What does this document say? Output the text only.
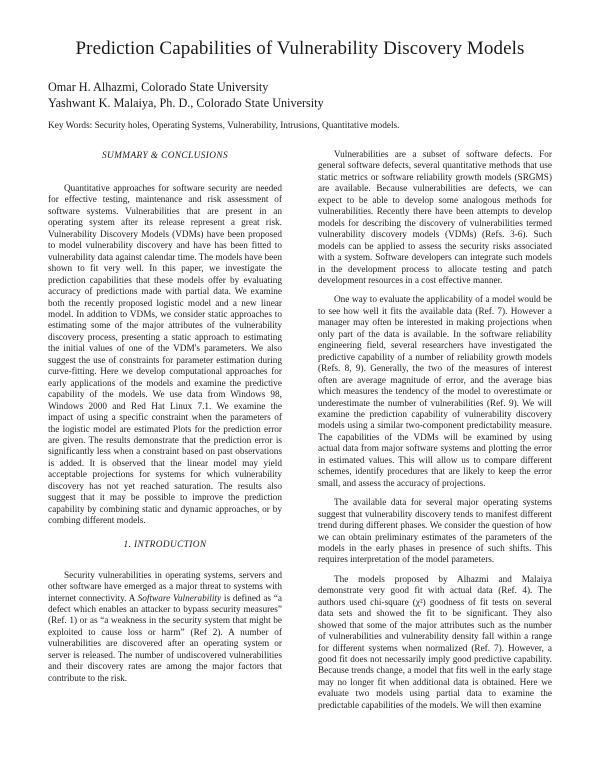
Prediction Capabilities of Vulnerability Discovery Models
Omar H. Alhazmi, Colorado State University
Yashwant K. Malaiya, Ph. D., Colorado State University
Key Words: Security holes, Operating Systems, Vulnerability, Intrusions, Quantitative models.
SUMMARY & CONCLUSIONS

Quantitative approaches for software security are needed for effective testing, maintenance and risk assessment of software systems. Vulnerabilities that are present in an operating system after its release represent a great risk. Vulnerability Discovery Models (VDMs) have been proposed to model vulnerability discovery and have has been fitted to vulnerability data against calendar time. The models have been shown to fit very well. In this paper, we investigate the prediction capabilities that these models offer by evaluating accuracy of predictions made with partial data. We examine both the recently proposed logistic model and a new linear model. In addition to VDMs, we consider static approaches to estimating some of the major attributes of the vulnerability discovery process, presenting a static approach to estimating the initial values of one of the VDM's parameters. We also suggest the use of constraints for parameter estimation during curve-fitting. Here we develop computational approaches for early applications of the models and examine the predictive capability of the models. We use data from Windows 98, Windows 2000 and Red Hat Linux 7.1. We examine the impact of using a specific constraint when the parameters of the logistic model are estimated Plots for the prediction error are given. The results demonstrate that the prediction error is significantly less when a constraint based on past observations is added. It is observed that the linear model may yield acceptable projections for systems for which vulnerability discovery has not yet reached saturation. The results also suggest that it may be possible to improve the prediction capability by combining static and dynamic approaches, or by combing different models.

1. INTRODUCTION

Security vulnerabilities in operating systems, servers and other software have emerged as a major threat to systems with internet connectivity. A Software Vulnerability is defined as “a defect which enables an attacker to bypass security measures” (Ref. 1) or as “a weakness in the security system that might be exploited to cause loss or harm” (Ref 2). A number of vulnerabilities are discovered after an operating system or server is released. The number of undiscovered vulnerabilities and their discovery rates are among the major factors that contribute to the risk.

Vulnerabilities are a subset of software defects. For general software defects, several quantitative methods that use static metrics or software reliability growth models (SRGMS) are available. Because vulnerabilities are defects, we can expect to be able to develop some analogous methods for vulnerabilities. Recently there have been attempts to develop models for describing the discovery of vulnerabilities termed vulnerability discovery models (VDMs) (Refs. 3-6). Such models can be applied to assess the security risks associated with a system. Software developers can integrate such models in the development process to allocate testing and patch development resources in a cost effective manner.

One way to evaluate the applicability of a model would be to see how well it fits the available data (Ref. 7). However a manager may often be interested in making projections when only part of the data is available. In the software reliability engineering field, several researchers have investigated the predictive capability of a number of reliability growth models (Refs. 8, 9). Generally, the two of the measures of interest often are average magnitude of error, and the average bias which measures the tendency of the model to overestimate or underestimate the number of vulnerabilities (Ref. 9). We will examine the prediction capability of vulnerability discovery models using a similar two-component predictability measure. The capabilities of the VDMs will be examined by using actual data from major software systems and plotting the error in estimated values. This will allow us to compare different schemes, identify procedures that are likely to keep the error small, and assess the accuracy of projections.

The available data for several major operating systems suggest that vulnerability discovery tends to manifest different trend during different phases. We consider the question of how we can obtain preliminary estimates of the parameters of the models in the early phases in presence of such shifts. This requires interpretation of the model parameters.

The models proposed by Alhazmi and Malaiya demonstrate very good fit with actual data (Ref. 4). The authors used chi-square (χ²) goodness of fit tests on several data sets and showed the fit to be significant. They also showed that some of the major attributes such as the number of vulnerabilities and vulnerability density fall within a range for different systems when normalized (Ref. 7). However, a good fit does not necessarily imply good predictive capability. Because trends change, a model that fits well in the early stage may no longer fit when additional data is obtained. Here we evaluate two models using partial data to examine the predictable capabilities of the models. We will then examine
